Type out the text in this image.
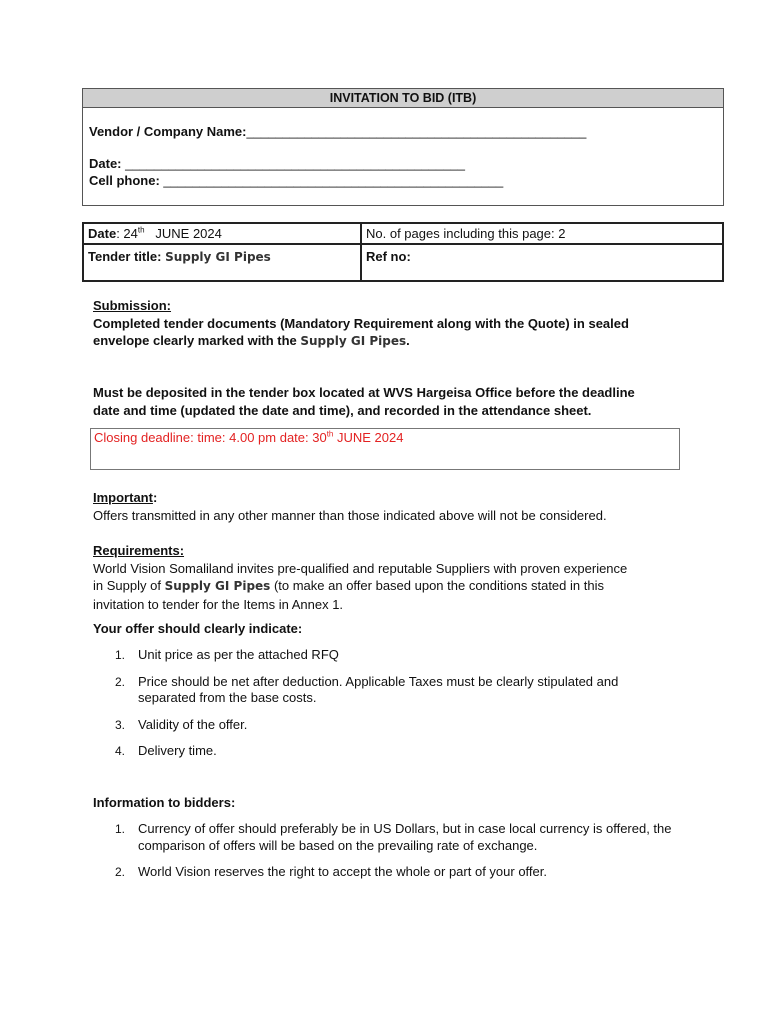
INVITATION TO BID (ITB)
Vendor / Company Name:_______________________________________________
Date: _______________________________________________
Cell phone: _______________________________________________
Date: 24th JUNE 2024	No. of pages including this page: 2
Tender title: Supply GI Pipes	Ref no:
Submission:
Completed tender documents (Mandatory Requirement along with the Quote) in sealed
envelope clearly marked with the Supply GI Pipes.
Must be deposited in the tender box located at WVS Hargeisa Office before the deadline
date and time (updated the date and time), and recorded in the attendance sheet.
Closing deadline: time: 4.00 pm date: 30th JUNE 2024
Important:
Offers transmitted in any other manner than those indicated above will not be considered.
Requirements:
World Vision Somaliland invites pre-qualified and reputable Suppliers with proven experience
in Supply of Supply GI Pipes (to make an offer based upon the conditions stated in this
invitation to tender for the Items in Annex 1.
Your offer should clearly indicate:
1. Unit price as per the attached RFQ
2. Price should be net after deduction. Applicable Taxes must be clearly stipulated and separated from the base costs.
3. Validity of the offer.
4. Delivery time.
Information to bidders:
1. Currency of offer should preferably be in US Dollars, but in case local currency is offered, the comparison of offers will be based on the prevailing rate of exchange.
2. World Vision reserves the right to accept the whole or part of your offer.
